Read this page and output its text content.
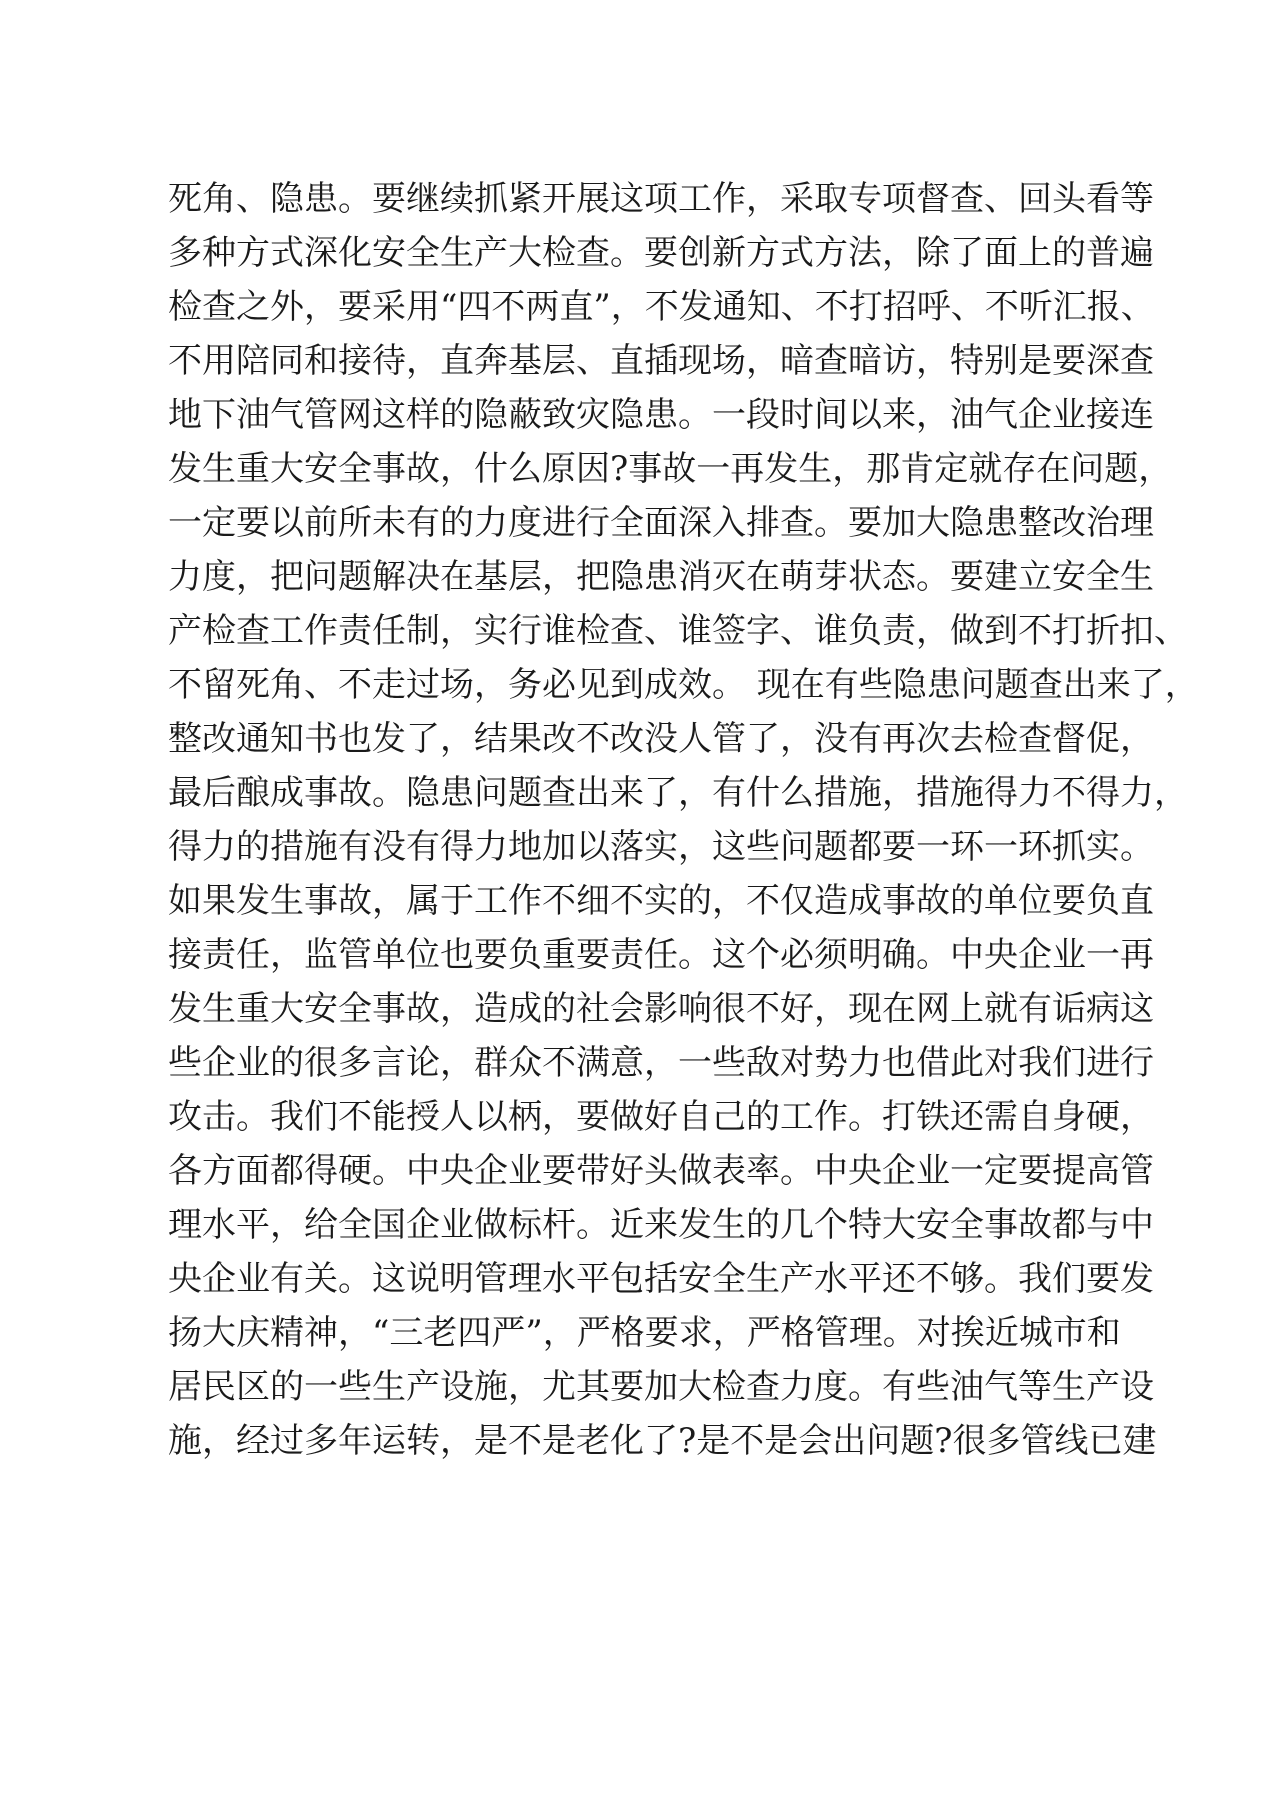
死角、隐患。要继续抓紧开展这项工作，采取专项督查、回头看等
多种方式深化安全生产大检查。要创新方式方法，除了面上的普遍
检查之外，要采用“四不两直”，不发通知、不打招呼、不听汇报、
不用陪同和接待，直奔基层、直插现场，暗查暗访，特别是要深查
地下油气管网这样的隐蔽致灾隐患。一段时间以来，油气企业接连
发生重大安全事故，什么原因?事故一再发生，那肯定就存在问题，
一定要以前所未有的力度进行全面深入排查。要加大隐患整改治理
力度，把问题解决在基层，把隐患消灭在萌芽状态。要建立安全生
产检查工作责任制，实行谁检查、谁签字、谁负责，做到不打折扣、
不留死角、不走过场，务必见到成效。 现在有些隐患问题查出来了，
整改通知书也发了，结果改不改没人管了，没有再次去检查督促，
最后酿成事故。隐患问题查出来了，有什么措施，措施得力不得力，
得力的措施有没有得力地加以落实，这些问题都要一环一环抓实。
如果发生事故，属于工作不细不实的，不仅造成事故的单位要负直
接责任，监管单位也要负重要责任。这个必须明确。中央企业一再
发生重大安全事故，造成的社会影响很不好，现在网上就有诟病这
些企业的很多言论，群众不满意，一些敌对势力也借此对我们进行
攻击。我们不能授人以柄，要做好自己的工作。打铁还需自身硬，
各方面都得硬。中央企业要带好头做表率。中央企业一定要提高管
理水平，给全国企业做标杆。近来发生的几个特大安全事故都与中
央企业有关。这说明管理水平包括安全生产水平还不够。我们要发
扬大庆精神，“三老四严”，严格要求，严格管理。对挨近城市和
居民区的一些生产设施，尤其要加大检查力度。有些油气等生产设
施，经过多年运转，是不是老化了?是不是会出问题?很多管线已建
